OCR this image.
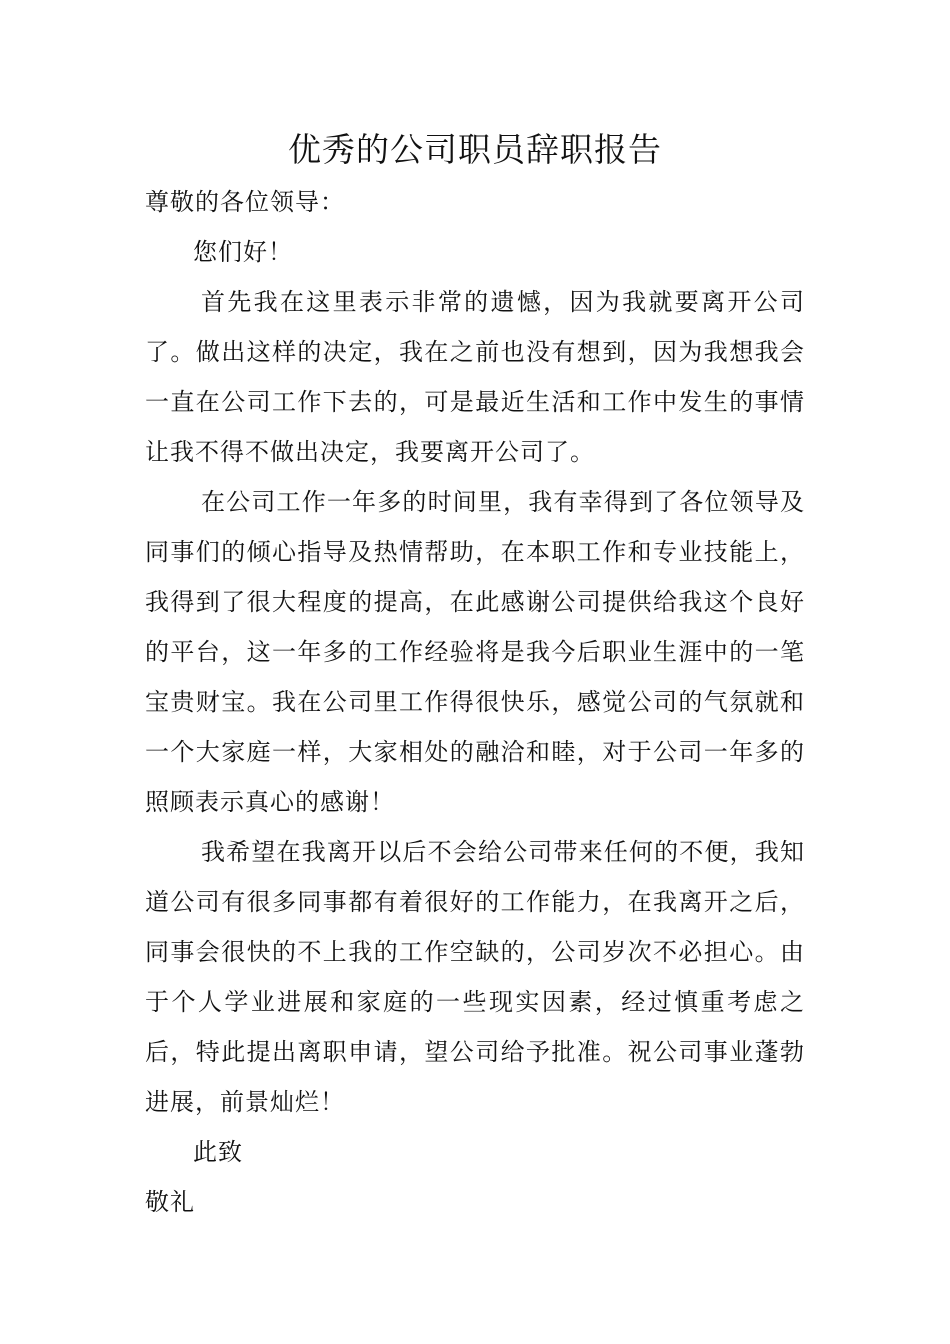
优秀的公司职员辞职报告

尊敬的各位领导：

您们好！

首先我在这里表示非常的遗憾，因为我就要离开公司了。做出这样的决定，我在之前也没有想到，因为我想我会一直在公司工作下去的，可是最近生活和工作中发生的事情让我不得不做出决定，我要离开公司了。

在公司工作一年多的时间里，我有幸得到了各位领导及同事们的倾心指导及热情帮助，在本职工作和专业技能上，我得到了很大程度的提高，在此感谢公司提供给我这个良好的平台，这一年多的工作经验将是我今后职业生涯中的一笔宝贵财宝。我在公司里工作得很快乐，感觉公司的气氛就和一个大家庭一样，大家相处的融洽和睦，对于公司一年多的照顾表示真心的感谢！

我希望在我离开以后不会给公司带来任何的不便，我知道公司有很多同事都有着很好的工作能力，在我离开之后，同事会很快的不上我的工作空缺的，公司岁次不必担心。由于个人学业进展和家庭的一些现实因素，经过慎重考虑之后，特此提出离职申请，望公司给予批准。祝公司事业蓬勃进展，前景灿烂！

此致

敬礼
